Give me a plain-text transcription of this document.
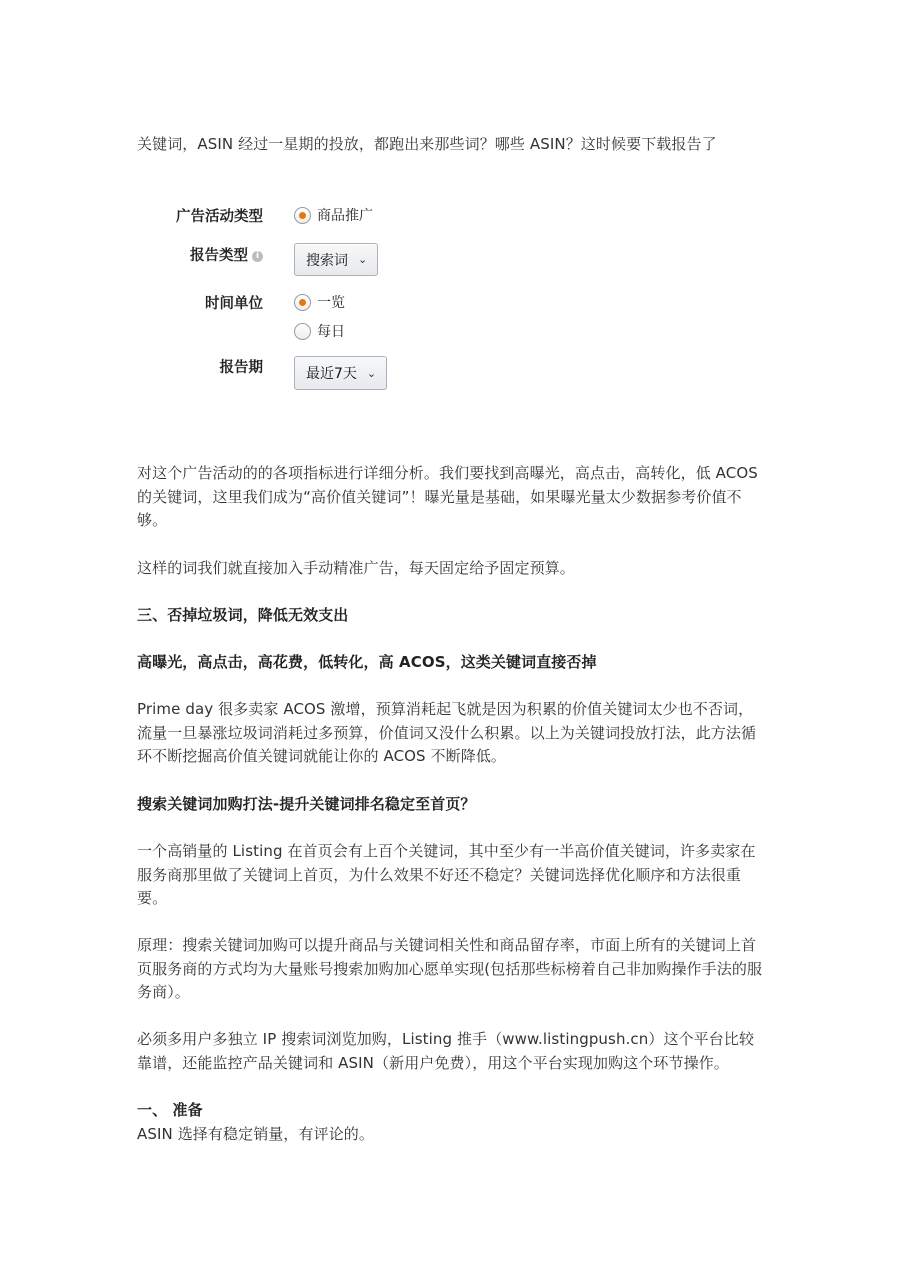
关键词，ASIN 经过一星期的投放，都跑出来那些词？哪些 ASIN？这时候要下载报告了

广告活动类型	商品推广
报告类型 i	搜索词 ⌄
时间单位	一览
每日
报告期	最近7天 ⌄

对这个广告活动的的各项指标进行详细分析。我们要找到高曝光，高点击，高转化，低 ACOS 的关键词，这里我们成为“高价值关键词”！曝光量是基础，如果曝光量太少数据参考价值不够。

这样的词我们就直接加入手动精准广告，每天固定给予固定预算。

三、否掉垃圾词，降低无效支出

高曝光，高点击，高花费，低转化，高 ACOS，这类关键词直接否掉

Prime day 很多卖家 ACOS 激增，预算消耗起飞就是因为积累的价值关键词太少也不否词，流量一旦暴涨垃圾词消耗过多预算，价值词又没什么积累。以上为关键词投放打法，此方法循环不断挖掘高价值关键词就能让你的 ACOS 不断降低。

搜索关键词加购打法-提升关键词排名稳定至首页？

一个高销量的 Listing 在首页会有上百个关键词，其中至少有一半高价值关键词，许多卖家在服务商那里做了关键词上首页，为什么效果不好还不稳定？关键词选择优化顺序和方法很重要。

原理：搜索关键词加购可以提升商品与关键词相关性和商品留存率，市面上所有的关键词上首页服务商的方式均为大量账号搜索加购加心愿单实现(包括那些标榜着自己非加购操作手法的服务商）。

必须多用户多独立 IP 搜索词浏览加购，Listing 推手（www.listingpush.cn）这个平台比较靠谱，还能监控产品关键词和 ASIN（新用户免费），用这个平台实现加购这个环节操作。

一、 准备

ASIN 选择有稳定销量，有评论的。
